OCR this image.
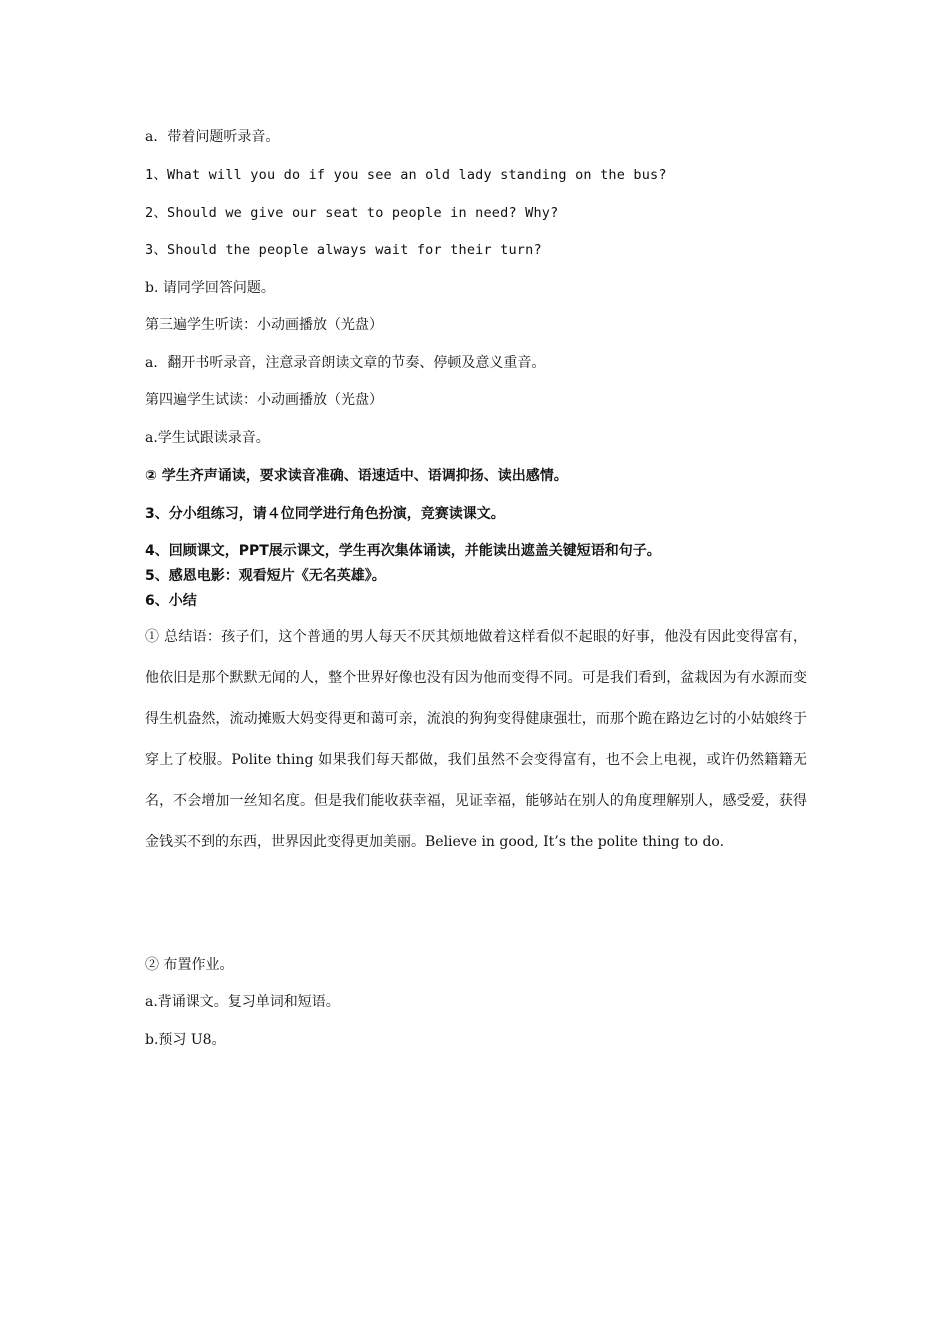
a．带着问题听录音。
1、What will you do if you see an old lady standing on the bus?
2、Should we give our seat to people in need? Why?
3、Should the people always wait for their turn?
b. 请同学回答问题。
第三遍学生听读：小动画播放（光盘）
a．翻开书听录音，注意录音朗读文章的节奏、停顿及意义重音。
第四遍学生试读：小动画播放（光盘）
a.学生试跟读录音。
② 学生齐声诵读，要求读音准确、语速适中、语调抑扬、读出感情。
3、分小组练习，请４位同学进行角色扮演，竞赛读课文。
4、回顾课文，PPT展示课文，学生再次集体诵读，并能读出遮盖关键短语和句子。
5、感恩电影：观看短片《无名英雄》。
6、小结
① 总结语：孩子们，这个普通的男人每天不厌其烦地做着这样看似不起眼的好事，他没有因此变得富有，他依旧是那个默默无闻的人，整个世界好像也没有因为他而变得不同。可是我们看到，盆栽因为有水源而变得生机盎然，流动摊贩大妈变得更和蔼可亲，流浪的狗狗变得健康强壮，而那个跪在路边乞讨的小姑娘终于穿上了校服。Polite thing 如果我们每天都做，我们虽然不会变得富有，也不会上电视，或许仍然籍籍无名，不会增加一丝知名度。但是我们能收获幸福，见证幸福，能够站在别人的角度理解别人，感受爱，获得金钱买不到的东西，世界因此变得更加美丽。Believe in good, It’s the polite thing to do.
② 布置作业。
a.背诵课文。复习单词和短语。
b.预习 U8。
